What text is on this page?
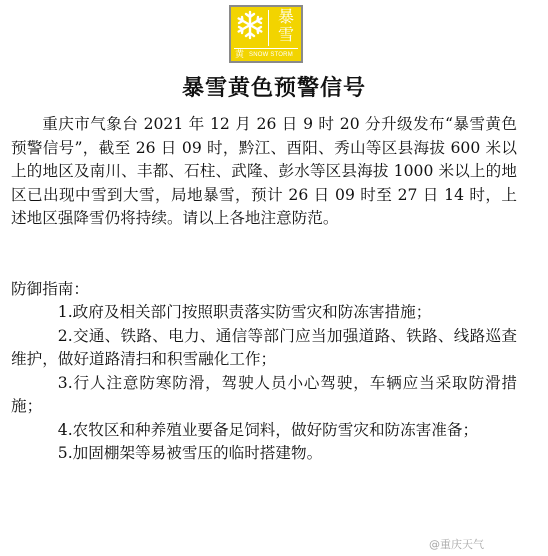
暴
雪
黄 SNOW STORM
暴雪黄色预警信号

重庆市气象台 2021 年 12 月 26 日 9 时 20 分升级发布“暴雪黄色预警信号”，截至 26 日 09 时，黔江、酉阳、秀山等区县海拔 600 米以上的地区及南川、丰都、石柱、武隆、彭水等区县海拔 1000 米以上的地区已出现中雪到大雪，局地暴雪，预计 26 日 09 时至 27 日 14 时，上述地区强降雪仍将持续。请以上各地注意防范。

防御指南：

1.政府及相关部门按照职责落实防雪灾和防冻害措施；

2.交通、铁路、电力、通信等部门应当加强道路、铁路、线路巡查维护，做好道路清扫和积雪融化工作；

3.行人注意防寒防滑，驾驶人员小心驾驶，车辆应当采取防滑措施；

4.农牧区和种养殖业要备足饲料，做好防雪灾和防冻害准备；

5.加固棚架等易被雪压的临时搭建物。

@重庆天气
